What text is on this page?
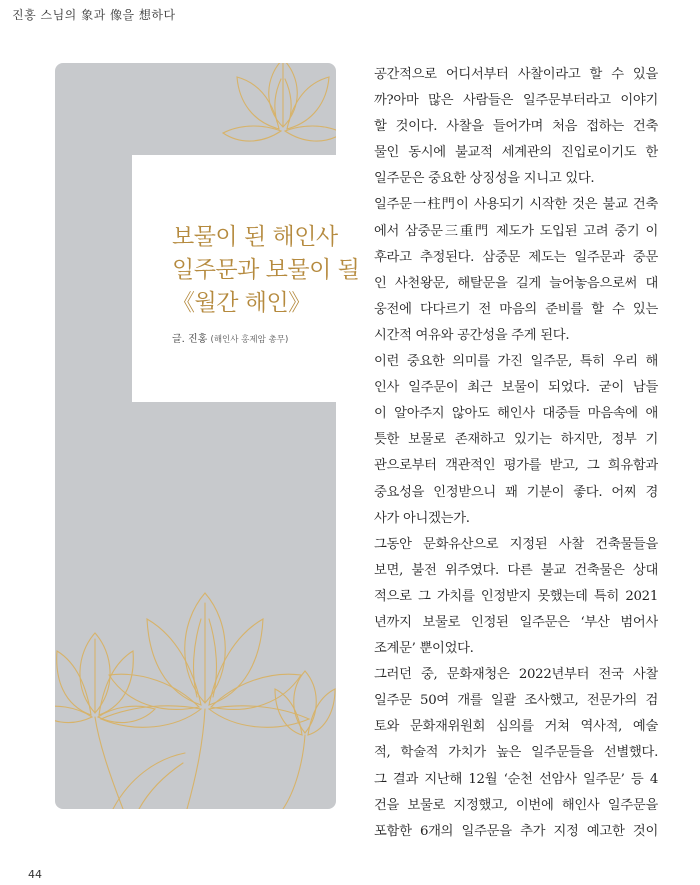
진홍 스님의 象과 像을 想하다
보물이 된 해인사
일주문과 보물이 될
《월간 해인》
글. 진홍 (해인사 홍제암 총무)
공간적으로 어디서부터 사찰이라고 할 수 있을
까?아마 많은 사람들은 일주문부터라고 이야기
할 것이다. 사찰을 들어가며 처음 접하는 건축
물인 동시에 불교적 세계관의 진입로이기도 한
일주문은 중요한 상징성을 지니고 있다.
일주문一柱門이 사용되기 시작한 것은 불교 건축
에서 삼중문三重門 제도가 도입된 고려 중기 이
후라고 추정된다. 삼중문 제도는 일주문과 중문
인 사천왕문, 해탈문을 길게 늘어놓음으로써 대
웅전에 다다르기 전 마음의 준비를 할 수 있는
시간적 여유와 공간성을 주게 된다.
이런 중요한 의미를 가진 일주문, 특히 우리 해
인사 일주문이 최근 보물이 되었다. 굳이 남들
이 알아주지 않아도 해인사 대중들 마음속에 애
틋한 보물로 존재하고 있기는 하지만, 정부 기
관으로부터 객관적인 평가를 받고, 그 희유함과
중요성을 인정받으니 꽤 기분이 좋다. 어찌 경
사가 아니겠는가.
그동안 문화유산으로 지정된 사찰 건축물들을
보면, 불전 위주였다. 다른 불교 건축물은 상대
적으로 그 가치를 인정받지 못했는데 특히 2021
년까지 보물로 인정된 일주문은 ‘부산 범어사
조계문’ 뿐이었다.
그러던 중, 문화재청은 2022년부터 전국 사찰
일주문 50여 개를 일괄 조사했고, 전문가의 검
토와 문화재위원회 심의를 거쳐 역사적, 예술
적, 학술적 가치가 높은 일주문들을 선별했다.
그 결과 지난해 12월 ‘순천 선암사 일주문’ 등 4
건을 보물로 지정했고, 이번에 해인사 일주문을
포함한 6개의 일주문을 추가 지정 예고한 것이
44
